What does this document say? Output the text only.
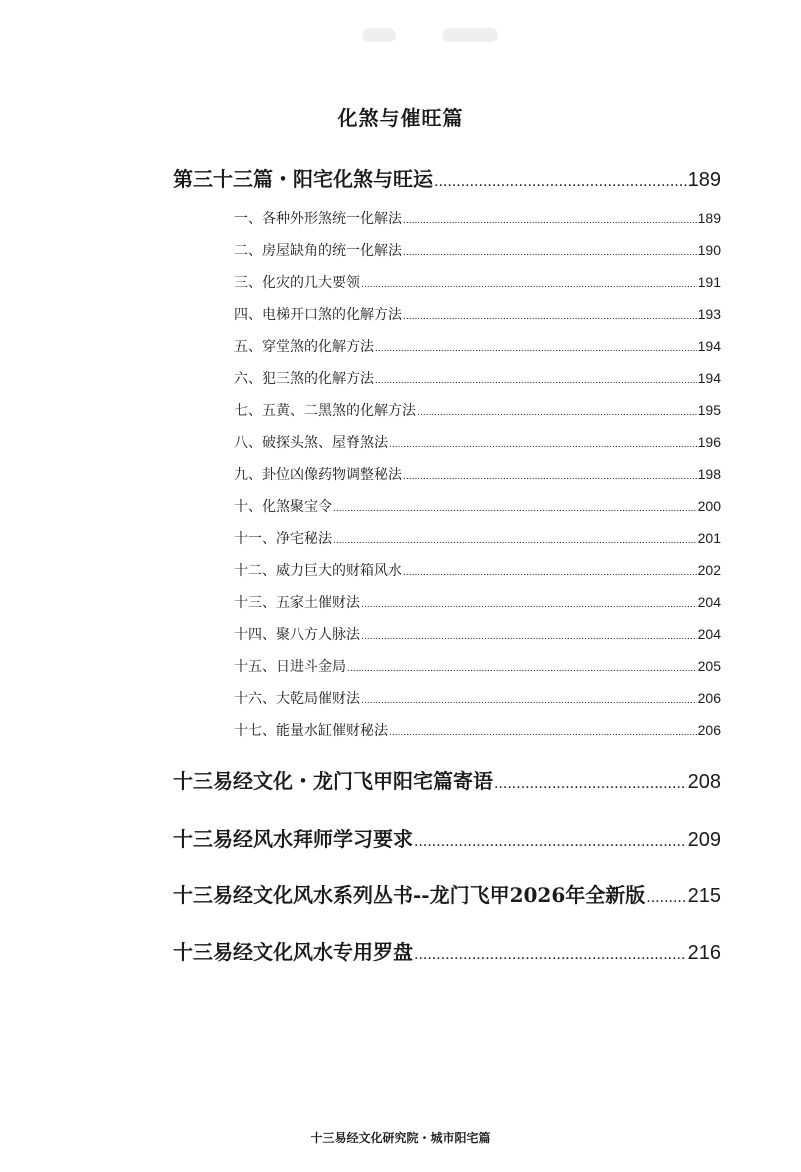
化煞与催旺篇
第三十三篇・阳宅化煞与旺运 .....	189
一、各种外形煞统一化解法 .....	189
二、房屋缺角的统一化解法 .....	190
三、化灾的几大要领 .....	191
四、电梯开口煞的化解方法 .....	193
五、穿堂煞的化解方法 .....	194
六、犯三煞的化解方法 .....	194
七、五黄、二黑煞的化解方法 .....	195
八、破探头煞、屋脊煞法 .....	196
九、卦位凶像药物调整秘法 .....	198
十、化煞聚宝令 .....	200
十一、净宅秘法 .....	201
十二、威力巨大的财箱风水 .....	202
十三、五家土催财法 .....	204
十四、聚八方人脉法 .....	204
十五、日进斗金局 .....	205
十六、大乾局催财法 .....	206
十七、能量水缸催财秘法 .....	206
十三易经文化・龙门飞甲阳宅篇寄语 .....	208
十三易经风水拜师学习要求 .....	209
十三易经文化风水系列丛书--龙门飞甲2026年全新版 ..... 215
十三易经文化风水专用罗盘 .....	216
十三易经文化研究院・城市阳宅篇
